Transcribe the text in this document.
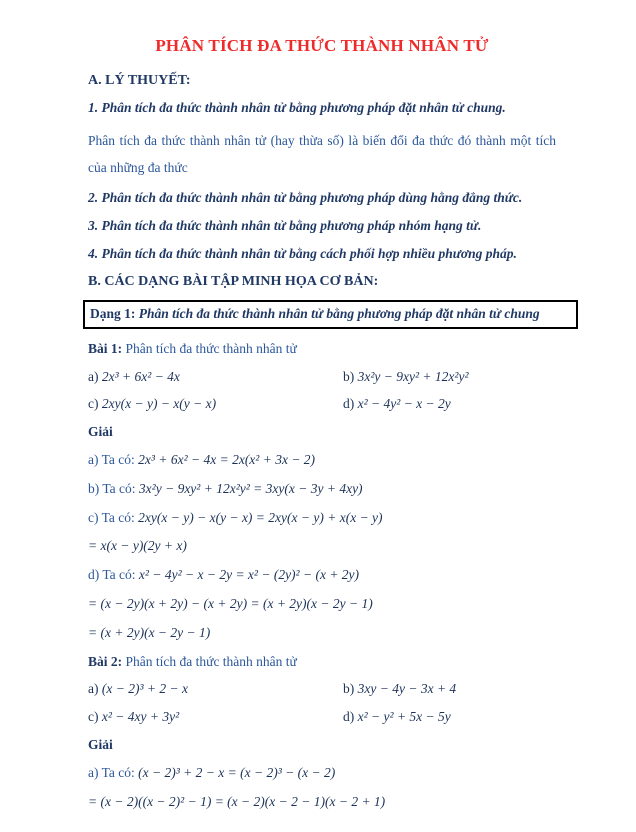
PHÂN TÍCH ĐA THỨC THÀNH NHÂN TỬ

A. LÝ THUYẾT:

1. Phân tích đa thức thành nhân tử bằng phương pháp đặt nhân tử chung.

Phân tích đa thức thành nhân tử (hay thừa số) là biến đổi đa thức đó thành một tích của những đa thức

2. Phân tích đa thức thành nhân tử bằng phương pháp dùng hằng đẳng thức.

3. Phân tích đa thức thành nhân tử bằng phương pháp nhóm hạng tử.

4. Phân tích đa thức thành nhân tử bằng cách phối hợp nhiều phương pháp.

B. CÁC DẠNG BÀI TẬP MINH HỌA CƠ BẢN:

Dạng 1: Phân tích đa thức thành nhân tử bằng phương pháp đặt nhân tử chung

Bài 1: Phân tích đa thức thành nhân tử

a) 2x³ + 6x² − 4x	b) 3x²y − 9xy² + 12x²y²
c) 2xy(x − y) − x(y − x)	d) x² − 4y² − x − 2y

Giải

a) Ta có: 2x³ + 6x² − 4x = 2x(x² + 3x − 2)

b) Ta có: 3x²y − 9xy² + 12x²y² = 3xy(x − 3y + 4xy)

c) Ta có: 2xy(x − y) − x(y − x) = 2xy(x − y) + x(x − y)

= x(x − y)(2y + x)

d) Ta có: x² − 4y² − x − 2y = x² − (2y)² − (x + 2y)

= (x − 2y)(x + 2y) − (x + 2y) = (x + 2y)(x − 2y − 1)

= (x + 2y)(x − 2y − 1)

Bài 2: Phân tích đa thức thành nhân tử

a) (x − 2)³ + 2 − x	b) 3xy − 4y − 3x + 4
c) x² − 4xy + 3y²	d) x² − y² + 5x − 5y

Giải

a) Ta có: (x − 2)³ + 2 − x = (x − 2)³ − (x − 2)

= (x − 2)((x − 2)² − 1) = (x − 2)(x − 2 − 1)(x − 2 + 1)
